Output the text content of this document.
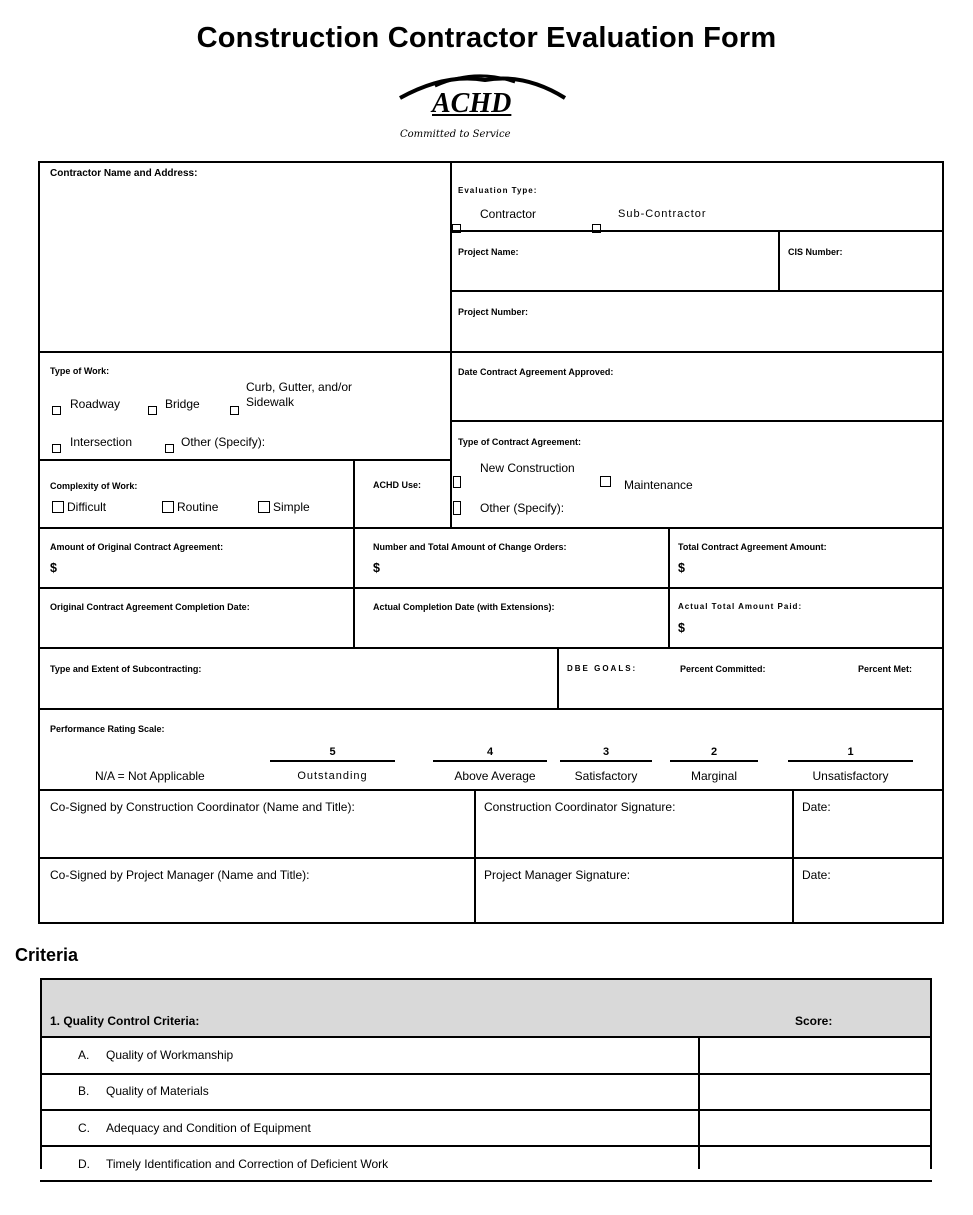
Construction Contractor Evaluation Form
ACHD
Committed to Service
Contractor Name and Address:
Evaluation Type:
Contractor	Sub-Contractor
Project Name:	CIS Number:
Project Number:
Type of Work:
Roadway	Bridge
Curb, Gutter, and/or Sidewalk
Intersection	Other (Specify):
Date Contract Agreement Approved:
Type of Contract Agreement:
Complexity of Work:
Difficult	Routine	Simple
ACHD Use:
New Construction
Maintenance
Other (Specify):
Amount of Original Contract Agreement:
$
Number and Total Amount of Change Orders:
$
Total Contract Agreement Amount:
$
Original Contract Agreement Completion Date:	Actual Completion Date (with Extensions):	Actual Total Amount Paid:
$
Type and Extent of Subcontracting:	DBE GOALS:	Percent Committed:	Percent Met:
Performance Rating Scale:
N/A = Not Applicable
5
Outstanding
4
Above Average
3
Satisfactory
2
Marginal
1
Unsatisfactory
Co-Signed by Construction Coordinator (Name and Title):	Construction Coordinator Signature:	Date:
Co-Signed by Project Manager (Name and Title):	Project Manager Signature:	Date:
Criteria
1. Quality Control Criteria:	Score:
A. Quality of Workmanship
B. Quality of Materials
C. Adequacy and Condition of Equipment
D. Timely Identification and Correction of Deficient Work
